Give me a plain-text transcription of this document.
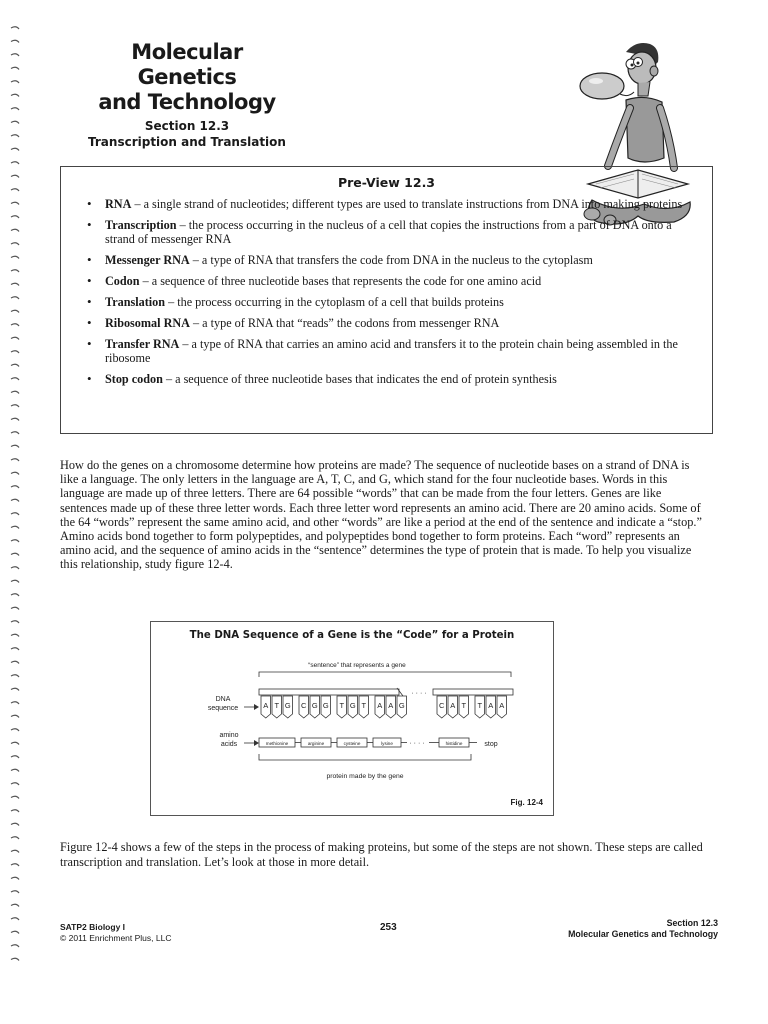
Molecular Genetics
and Technology
Section 12.3
Transcription and Translation
Pre-View 12.3
• RNA – a single strand of nucleotides; different types are used to translate instructions from DNA into making proteins
• Transcription – the process occurring in the nucleus of a cell that copies the instructions from a part of DNA onto a strand of messenger RNA
• Messenger RNA – a type of RNA that transfers the code from DNA in the nucleus to the cytoplasm
• Codon – a sequence of three nucleotide bases that represents the code for one amino acid
• Translation – the process occurring in the cytoplasm of a cell that builds proteins
• Ribosomal RNA – a type of RNA that “reads” the codons from messenger RNA
• Transfer RNA – a type of RNA that carries an amino acid and transfers it to the protein chain being assembled in the ribosome
• Stop codon – a sequence of three nucleotide bases that indicates the end of protein synthesis
How do the genes on a chromosome determine how proteins are made? The sequence of nucleotide bases on a strand of DNA is like a language. The only letters in the language are A, T, C, and G, which stand for the four nucleotide bases. Words in this language are made up of three letters. There are 64 possible “words” that can be made from the four letters. Genes are like sentences made up of these three letter words. Each three letter word represents an amino acid. There are 20 amino acids. Some of the 64 “words” represent the same amino acid, and other “words” are like a period at the end of the sentence and indicate a “stop.” Amino acids bond together to form polypeptides, and polypeptides bond together to form proteins. Each “word” represents an amino acid, and the sequence of amino acids in the “sentence” determines the type of protein that is made. To help you visualize this relationship, study figure 12-4.
The DNA Sequence of a Gene is the “Code” for a Protein
“sentence” that represents a gene
DNA
sequence
· · · ·
A T G C G G T G T A A G	C A T T A A
amino
acids	methionine	arginine	cysteine	lysine	histidine
· · · ·	stop
protein made by the gene
Fig. 12-4
Figure 12-4 shows a few of the steps in the process of making proteins, but some of the steps are not shown. These steps are called transcription and translation. Let’s look at those in more detail.
SATP2 Biology I
© 2011 Enrichment Plus, LLC
253	Section 12.3
Molecular Genetics and Technology
